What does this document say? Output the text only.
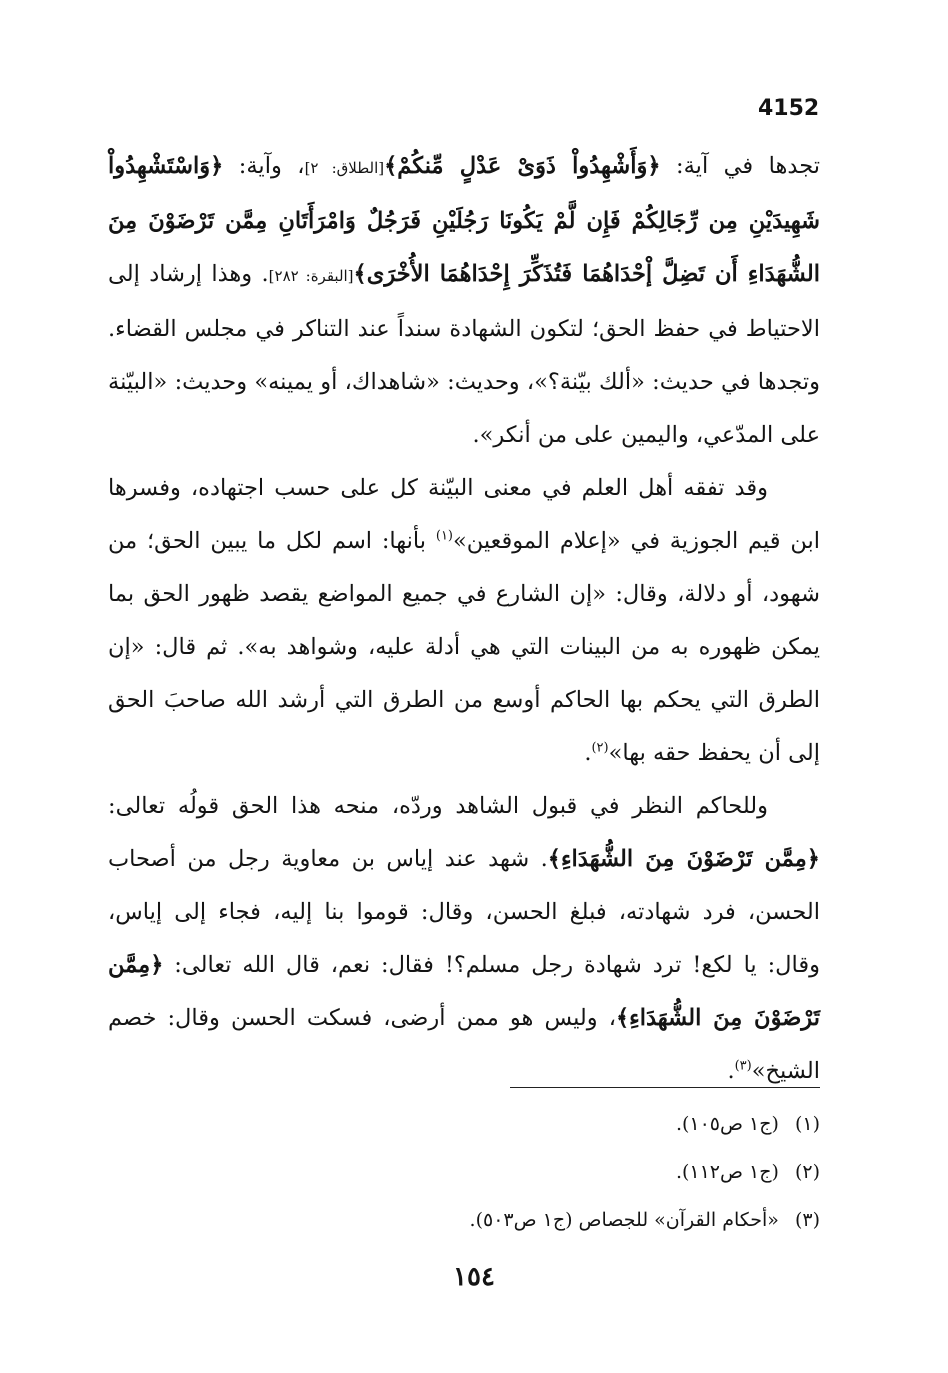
4152

تجدها في آية: ﴿وَأَشْهِدُواْ ذَوَىْ عَدْلٍ مِّنكُمْ﴾[الطلاق: ٢]، وآية: ﴿وَاسْتَشْهِدُواْ شَهِيدَيْنِ مِن رِّجَالِكُمْ فَإِن لَّمْ يَكُونَا رَجُلَيْنِ فَرَجُلٌ وَامْرَأَتَانِ مِمَّن تَرْضَوْنَ مِنَ الشُّهَدَاءِ أَن تَضِلَّ إْحْدَاهُمَا فَتُذَكِّرَ إِحْدَاهُمَا الأُخْرَى﴾[البقرة: ٢٨٢]. وهذا إرشاد إلى الاحتياط في حفظ الحق؛ لتكون الشهادة سنداً عند التناكر في مجلس القضاء. وتجدها في حديث: «ألك بيّنة؟»، وحديث: «شاهداك، أو يمينه» وحديث: «البيّنة على المدّعي، واليمين على من أنكر».

وقد تفقه أهل العلم في معنى البيّنة كل على حسب اجتهاده، وفسرها ابن قيم الجوزية في «إعلام الموقعين»$^{(١)}$ بأنها: اسم لكل ما يبين الحق؛ من شهود، أو دلالة، وقال: «إن الشارع في جميع المواضع يقصد ظهور الحق بما يمكن ظهوره به من البينات التي هي أدلة عليه، وشواهد به». ثم قال: «إن الطرق التي يحكم بها الحاكم أوسع من الطرق التي أرشد الله صاحبَ الحق إلى أن يحفظ حقه بها»$^{(٢)}$.

وللحاكم النظر في قبول الشاهد وردّه، منحه هذا الحق قولُه تعالى: ﴿مِمَّن تَرْضَوْنَ مِنَ الشُّهَدَاءِ﴾. شهد عند إياس بن معاوية رجل من أصحاب الحسن، فرد شهادته، فبلغ الحسن، وقال: قوموا بنا إليه، فجاء إلى إياس، وقال: يا لكع! ترد شهادة رجل مسلم؟! فقال: نعم، قال الله تعالى: ﴿مِمَّن تَرْضَوْنَ مِنَ الشُّهَدَاءِ﴾، وليس هو ممن أرضى، فسكت الحسن وقال: خصم الشيخ»$^{(٣)}$.

(١)(ج١ ص١٠٥).
(٢)(ج١ ص١١٢).
(٣)«أحكام القرآن» للجصاص (ج١ ص٥٠٣).
١٥٤
